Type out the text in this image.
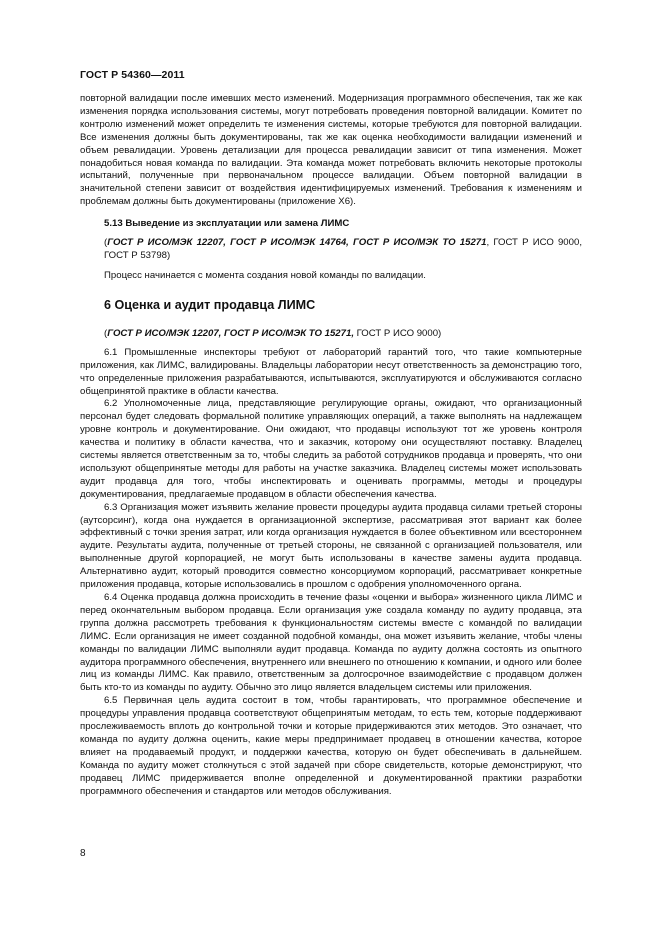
ГОСТ Р 54360—2011

повторной валидации после имевших место изменений. Модернизация программного обеспечения, так же как изменения порядка использования системы, могут потребовать проведения повторной валидации. Комитет по контролю изменений может определить те изменения системы, которые требуются для повторной валидации. Все изменения должны быть документированы, так же как оценка необходимости валидации изменений и объем ревалидации. Уровень детализации для процесса ревалидации зависит от типа изменения. Может понадобиться новая команда по валидации. Эта команда может потребовать включить некоторые протоколы испытаний, полученные при первоначальном процессе валидации. Объем повторной валидации в значительной степени зависит от воздействия идентифицируемых изменений. Требования к изменениям и проблемам должны быть документированы (приложение Х6).

5.13 Выведение из эксплуатации или замена ЛИМС

(ГОСТ Р ИСО/МЭК 12207, ГОСТ Р ИСО/МЭК 14764, ГОСТ Р ИСО/МЭК ТО 15271, ГОСТ Р ИСО 9000, ГОСТ Р 53798)

Процесс начинается с момента создания новой команды по валидации.

6 Оценка и аудит продавца ЛИМС

(ГОСТ Р ИСО/МЭК 12207, ГОСТ Р ИСО/МЭК ТО 15271, ГОСТ Р ИСО 9000)

6.1 Промышленные инспекторы требуют от лабораторий гарантий того, что такие компьютерные приложения, как ЛИМС, валидированы. Владельцы лаборатории несут ответственность за демонстрацию того, что определенные приложения разрабатываются, испытываются, эксплуатируются и обслуживаются согласно общепринятой практике в области качества.

6.2 Уполномоченные лица, представляющие регулирующие органы, ожидают, что организационный персонал будет следовать формальной политике управляющих операций, а также выполнять на надлежащем уровне контроль и документирование. Они ожидают, что продавцы используют тот же уровень контроля качества и политику в области качества, что и заказчик, которому они осуществляют поставку. Владелец системы является ответственным за то, чтобы следить за работой сотрудников продавца и проверять, что они используют общепринятые методы для работы на участке заказчика. Владелец системы может использовать аудит продавца для того, чтобы инспектировать и оценивать программы, методы и процедуры документирования, предлагаемые продавцом в области обеспечения качества.

6.3 Организация может изъявить желание провести процедуры аудита продавца силами третьей стороны (аутсорсинг), когда она нуждается в организационной экспертизе, рассматривая этот вариант как более эффективный с точки зрения затрат, или когда организация нуждается в более объективном или всестороннем аудите. Результаты аудита, полученные от третьей стороны, не связанной с организацией пользователя, или выполненные другой корпорацией, не могут быть использованы в качестве замены аудита продавца. Альтернативно аудит, который проводится совместно консорциумом корпораций, рассматривает конкретные приложения продавца, которые использовались в прошлом с одобрения уполномоченного органа.

6.4 Оценка продавца должна происходить в течение фазы «оценки и выбора» жизненного цикла ЛИМС и перед окончательным выбором продавца. Если организация уже создала команду по аудиту продавца, эта группа должна рассмотреть требования к функциональностям системы вместе с командой по валидации ЛИМС. Если организация не имеет созданной подобной команды, она может изъявить желание, чтобы члены команды по валидации ЛИМС выполняли аудит продавца. Команда по аудиту должна состоять из опытного аудитора программного обеспечения, внутреннего или внешнего по отношению к компании, и одного или более лиц из команды ЛИМС. Как правило, ответственным за долгосрочное взаимодействие с продавцом должен быть кто-то из команды по аудиту. Обычно это лицо является владельцем системы или приложения.

6.5 Первичная цель аудита состоит в том, чтобы гарантировать, что программное обеспечение и процедуры управления продавца соответствуют общепринятым методам, то есть тем, которые поддерживают прослеживаемость вплоть до контрольной точки и которые придерживаются этих методов. Это означает, что команда по аудиту должна оценить, какие меры предпринимает продавец в отношении качества, которое влияет на продаваемый продукт, и поддержки качества, которую он будет обеспечивать в дальнейшем. Команда по аудиту может столкнуться с этой задачей при сборе свидетельств, которые демонстрируют, что продавец ЛИМС придерживается вполне определенной и документированной практики разработки программного обеспечения и стандартов или методов обслуживания.

8
